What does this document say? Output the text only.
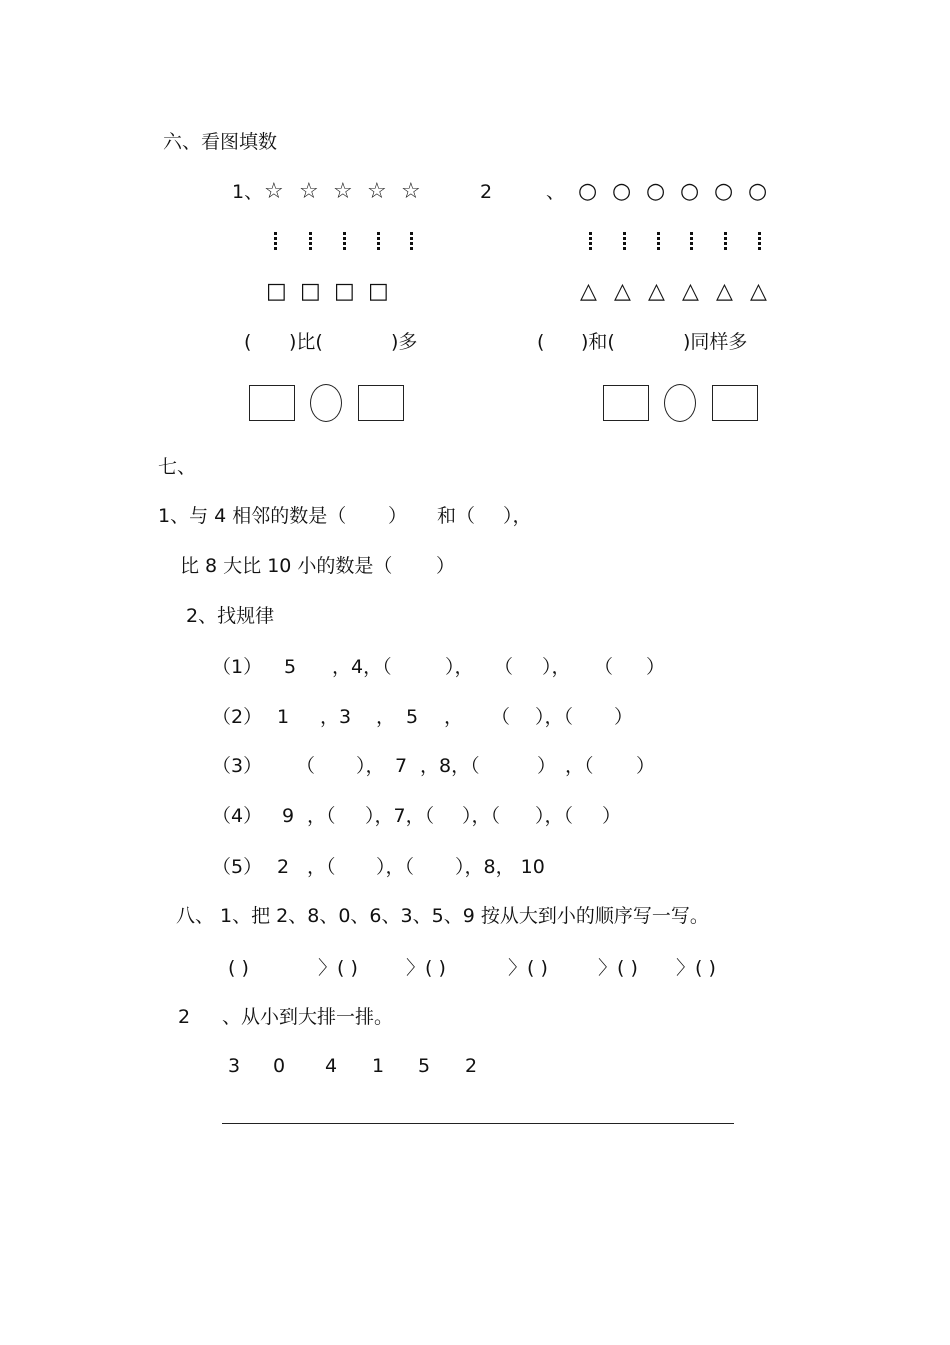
六、看图填数
1、 ☆ ☆ ☆ ☆ ☆
□ □ □ □
( )比(	)多
2	、 ○ ○ ○ ○ ○ ○
△ △ △ △ △ △
( )和(	)同样多
七、
1、与 4 相邻的数是（ ） 和（ ），
比 8 大比 10 小的数是（ ）
2、找规律
（1） 5 ，4，（	）， （ ）， （ ）
（2） 1 ，3 ， 5 ， （ ），（ ）
（3） （ ）， 7 ，8，（	） ，（ ）
（4） 9 ，（ ），7，（ ），（ ），（ ）
（5） 2 ，（ ），（ ），8， 10
八、 1、把 2、8、0、6、3、5、9 按从大到小的顺序写一写。
( )	〉( )	〉( )	〉( )	〉( ) 〉( )
2 、从小到大排一排。
3 0 4 1 5 2
